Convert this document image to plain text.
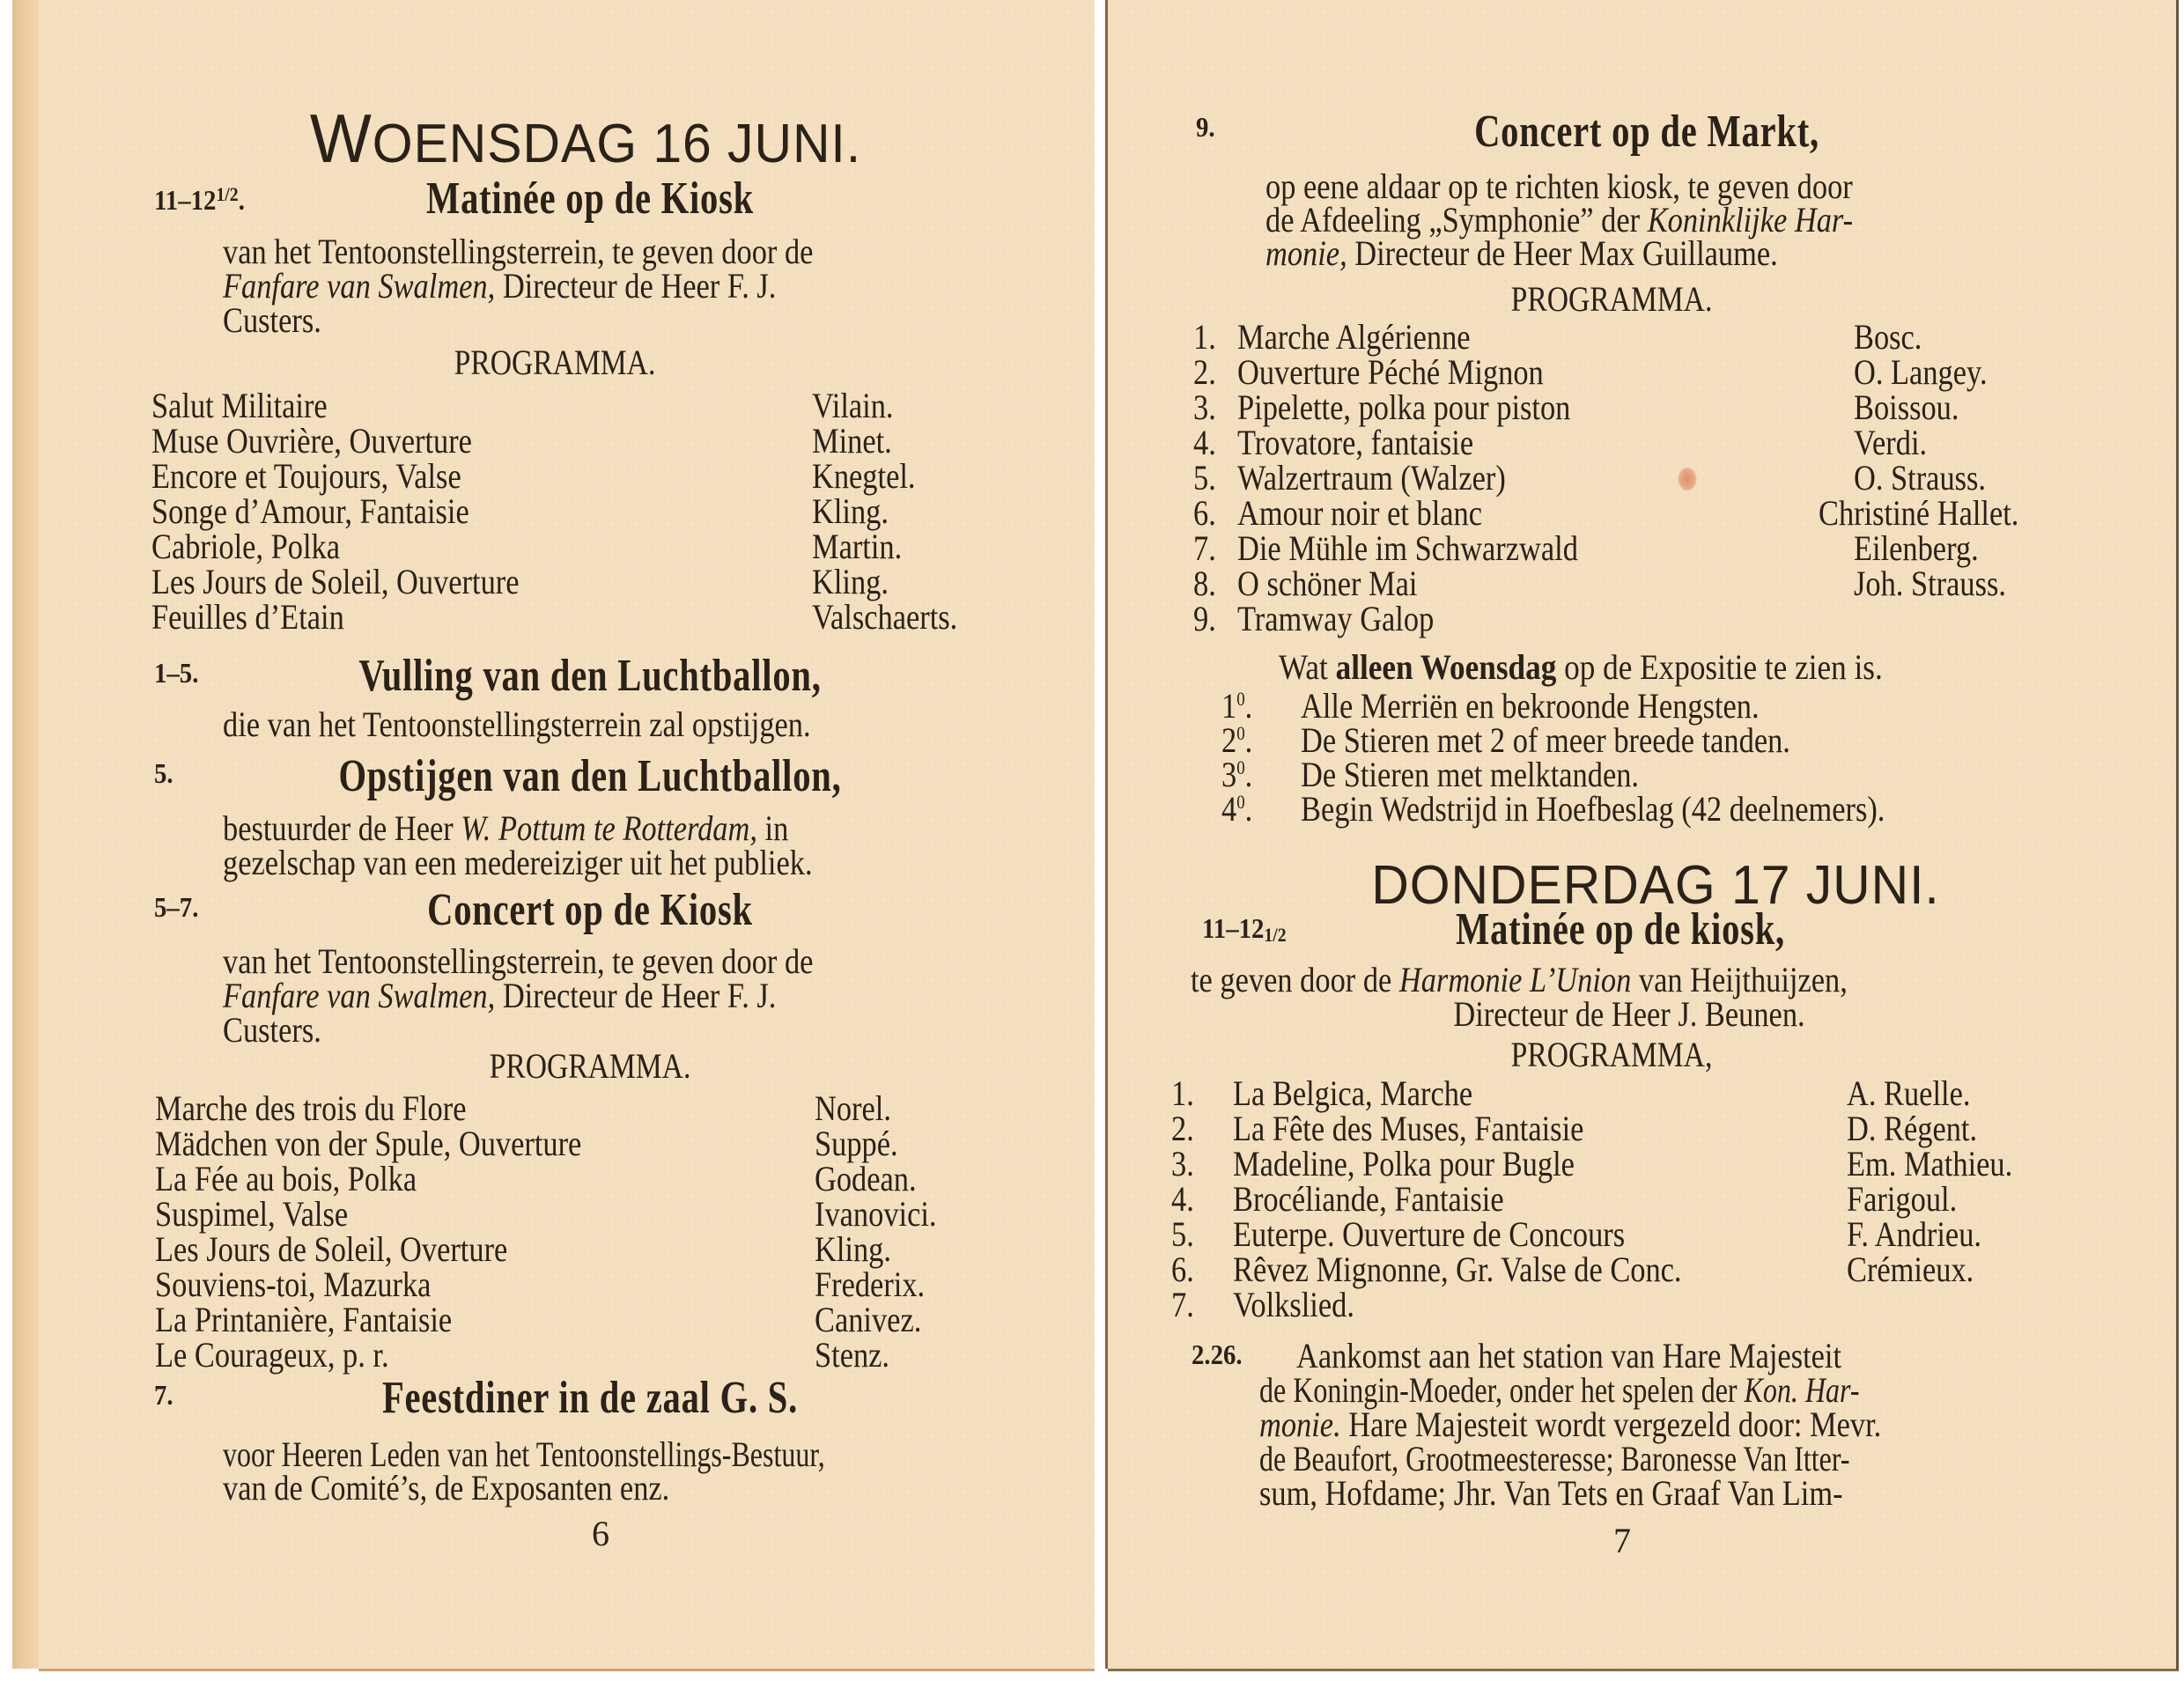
WOENSDAG 16 JUNI.
$11-12^{1/2}$.	Matinée op de Kiosk
van het Tentoonstellingsterrein, te geven door de
Fanfare van Swalmen, Directeur de Heer F. J.
Custers.
PROGRAMMA.
Salut Militaire	Vilain.
Muse Ouvrière, Ouverture	Minet.
Encore et Toujours, Valse	Knegtel.
Songe d’Amour, Fantaisie	Kling.
Cabriole, Polka	Martin.
Les Jours de Soleil, Ouverture	Kling.
Feuilles d’Etain	Valschaerts.
1–5.	Vulling van den Luchtballon,
die van het Tentoonstellingsterrein zal opstijgen.
5.	Opstijgen van den Luchtballon,
bestuurder de Heer W. Pottum te Rotterdam, in
gezelschap van een medereiziger uit het publiek.
5–7.	Concert op de Kiosk
van het Tentoonstellingsterrein, te geven door de
Fanfare van Swalmen, Directeur de Heer F. J.
Custers.
PROGRAMMA.
Marche des trois du Flore	Norel.
Mädchen von der Spule, Ouverture	Suppé.
La Fée au bois, Polka	Godean.
Suspimel, Valse	Ivanovici.
Les Jours de Soleil, Overture	Kling.
Souviens-toi, Mazurka	Frederix.
La Printanière, Fantaisie	Canivez.
Le Courageux, p. r.	Stenz.
7.	Feestdiner in de zaal G. S.
voor Heeren Leden van het Tentoonstellings-Bestuur,
van de Comité’s, de Exposanten enz.
6
9.	Concert op de Markt,
op eene aldaar op te richten kiosk, te geven door
de Afdeeling „Symphonie” der Koninklijke Har-
monie, Directeur de Heer Max Guillaume.
PROGRAMMA.
1. Marche Algérienne	Bosc.
2. Ouverture Péché Mignon	O. Langey.
3. Pipelette, polka pour piston	Boissou.
4. Trovatore, fantaisie	Verdi.
5. Walzertraum (Walzer)	O. Strauss.
6. Amour noir et blanc	Christiné Hallet.
7. Die Mühle im Schwarzwald	Eilenberg.
8. O schöner Mai	Joh. Strauss.
9. Tramway Galop
Wat alleen Woensdag op de Expositie te zien is.
$1^0$. Alle Merriën en bekroonde Hengsten.
$2^0$. De Stieren met 2 of meer breede tanden.
$3^0$. De Stieren met melktanden.
$4^0$. Begin Wedstrijd in Hoefbeslag (42 deelnemers).
DONDERDAG 17 JUNI.
11–121/2	Matinée op de kiosk,
te geven door de Harmonie L’Union van Heijthuijzen,
Directeur de Heer J. Beunen.
PROGRAMMA,
1. La Belgica, Marche	A. Ruelle.
2. La Fête des Muses, Fantaisie	D. Régent.
3. Madeline, Polka pour Bugle	Em. Mathieu.
4. Brocéliande, Fantaisie	Farigoul.
5. Euterpe. Ouverture de Concours	F. Andrieu.
6. Rêvez Mignonne, Gr. Valse de Conc.	Crémieux.
7. Volkslied.
2.26. Aankomst aan het station van Hare Majesteit
de Koningin-Moeder, onder het spelen der Kon. Har-
monie. Hare Majesteit wordt vergezeld door: Mevr.
de Beaufort, Grootmeesteresse; Baronesse Van Itter-
sum, Hofdame; Jhr. Van Tets en Graaf Van Lim-
7
